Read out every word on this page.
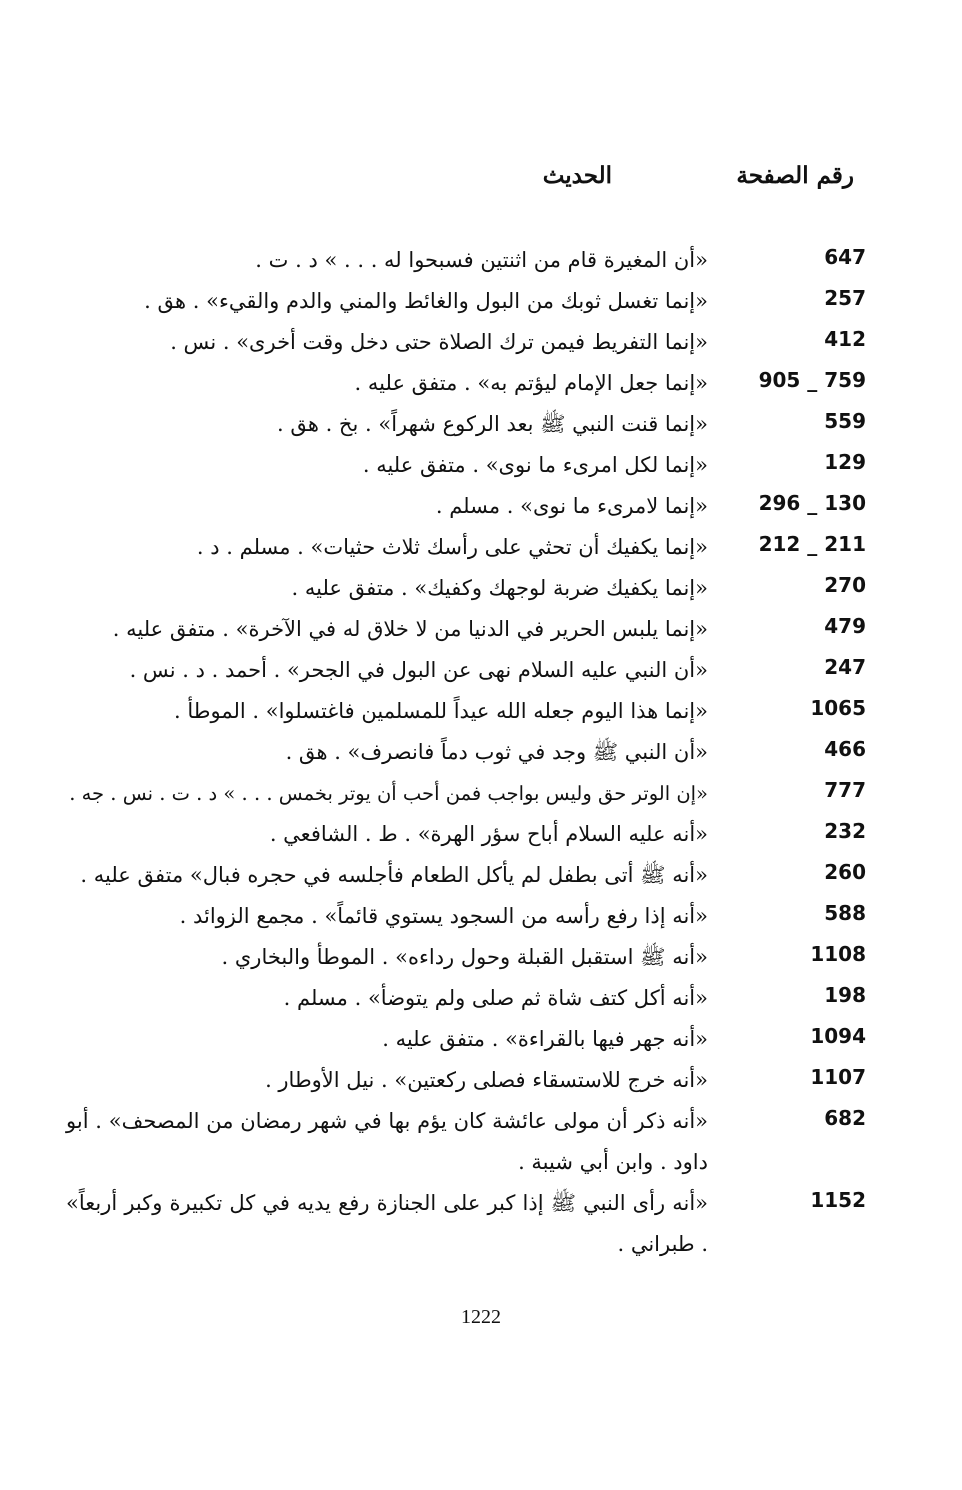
رقم الصفحة
الحديث
647
«أن المغيرة قام من اثنتين فسبحوا له . . . » د . ت .
257
«إنما تغسل ثوبك من البول والغائط والمني والدم والقيء» . هق .
412
«إنما التفريط فيمن ترك الصلاة حتى دخل وقت أخرى» . نس .
905 _ 759
«إنما جعل الإمام ليؤتم به» . متفق عليه .
559
«إنما قنت النبي ﷺ بعد الركوع شهراً» . بخ . هق .
129
«إنما لكل امرىء ما نوى» . متفق عليه .
296 _ 130
«إنما لامرىء ما نوى» . مسلم .
212 _ 211
«إنما يكفيك أن تحثي على رأسك ثلاث حثيات» . مسلم . د .
270
«إنما يكفيك ضربة لوجهك وكفيك» . متفق عليه .
479
«إنما يلبس الحرير في الدنيا من لا خلاق له في الآخرة» . متفق عليه .
247
«أن النبي عليه السلام نهى عن البول في الجحر» . أحمد . د . نس .
1065
«إنما هذا اليوم جعله الله عيداً للمسلمين فاغتسلوا» . الموطأ .
466
«أن النبي ﷺ وجد في ثوب دماً فانصرف» . هق .
777
«إن الوتر حق وليس بواجب فمن أحب أن يوتر بخمس . . . » د . ت . نس . جه .
232
«أنه عليه السلام أباح سؤر الهرة» . ط . الشافعي .
260
«أنه ﷺ أتى بطفل لم يأكل الطعام فأجلسه في حجره فبال» متفق عليه .
588
«أنه إذا رفع رأسه من السجود يستوي قائماً» . مجمع الزوائد .
1108
«أنه ﷺ استقبل القبلة وحول رداءه» . الموطأ والبخاري .
198
«أنه أكل كتف شاة ثم صلى ولم يتوضأ» . مسلم .
1094
«أنه جهر فيها بالقراءة» . متفق عليه .
1107
«أنه خرج للاستسقاء فصلى ركعتين» . نيل الأوطار .
682
«أنه ذكر أن مولى عائشة كان يؤم بها في شهر رمضان من المصحف» . أبو داود . وابن أبي شيبة .
1152
«أنه رأى النبي ﷺ إذا كبر على الجنازة رفع يديه في كل تكبيرة وكبر أربعاً» . طبراني .
1222
